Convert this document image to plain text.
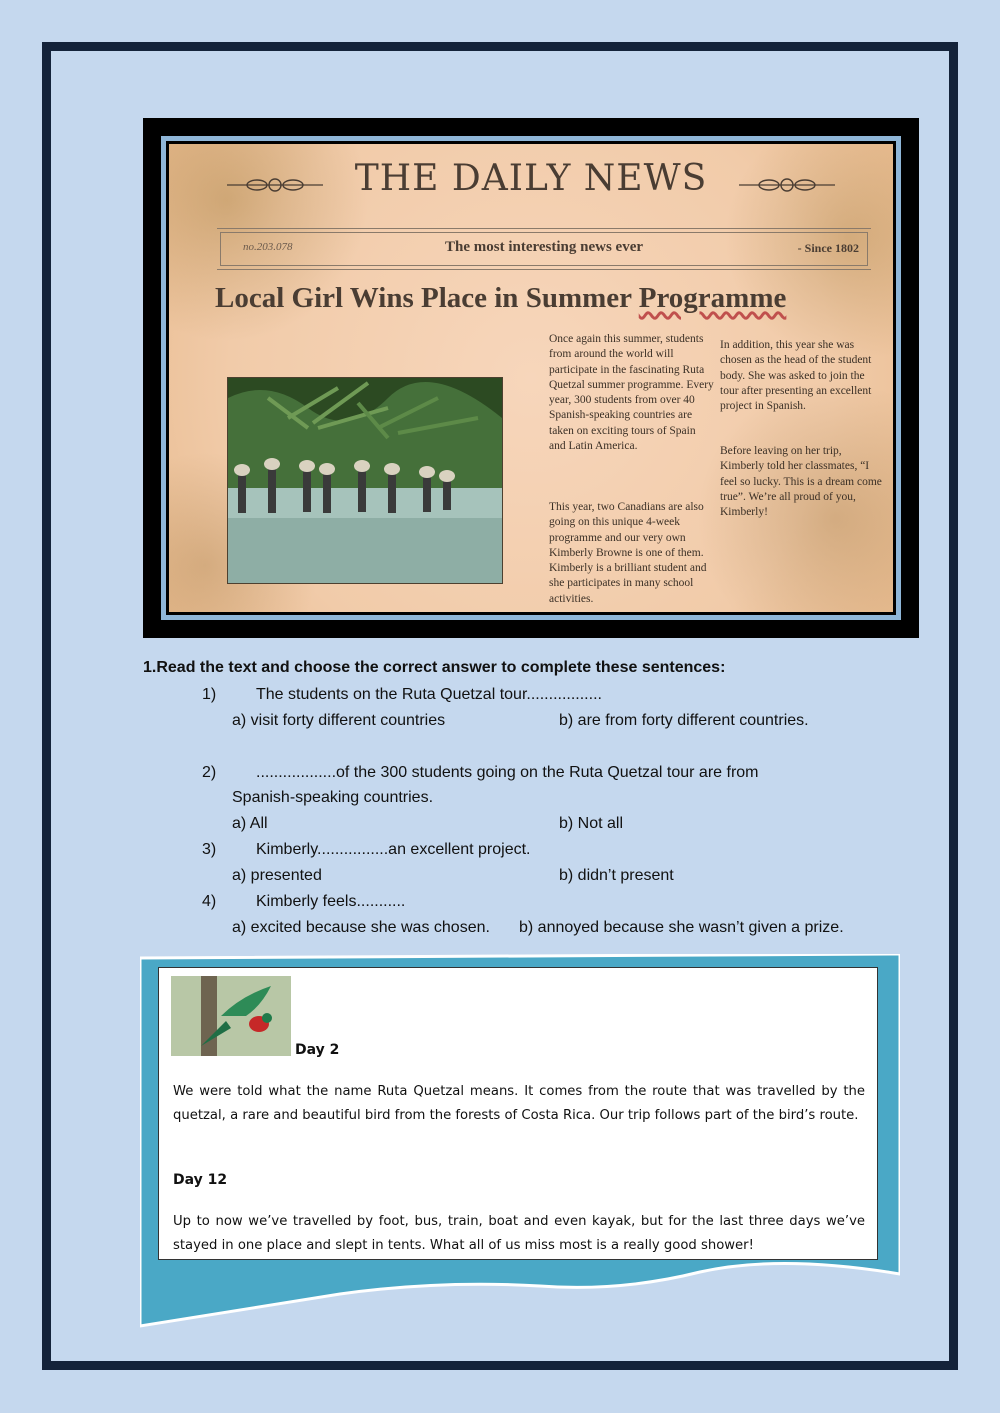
THE DAILY NEWS
no.203.078	The most interesting news ever	- Since 1802
Local Girl Wins Place in Summer Programme

Once again this summer, students from around the world will participate in the fascinating Ruta Quetzal summer programme. Every year, 300 students from over 40 Spanish-speaking countries are taken on exciting tours of Spain and Latin America.

This year, two Canadians are also going on this unique 4-week programme and our very own Kimberly Browne is one of them. Kimberly is a brilliant student and she participates in many school activities.

In addition, this year she was chosen as the head of the student body. She was asked to join the tour after presenting an excellent project in Spanish.

Before leaving on her trip, Kimberly told her classmates, “I feel so lucky. This is a dream come true”. We’re all proud of you, Kimberly!

1.Read the text and choose the correct answer to complete these sentences:
1) The students on the Ruta Quetzal tour.................
a) visit forty different countries	b) are from forty different countries.
2) ..................of the 300 students going on the Ruta Quetzal tour are from
Spanish-speaking countries.
a) All	b) Not all
3) Kimberly................an excellent project.
a) presented	b) didn’t present
4) Kimberly feels...........
a) excited because she was chosen. b) annoyed because she wasn’t given a prize.
Day 2
We were told what the name Ruta Quetzal means. It comes from the route that was travelled by the quetzal, a rare and beautiful bird from the forests of Costa Rica. Our trip follows part of the bird’s route.
Day 12
Up to now we’ve travelled by foot, bus, train, boat and even kayak, but for the last three days we’ve stayed in one place and slept in tents. What all of us miss most is a really good shower!
